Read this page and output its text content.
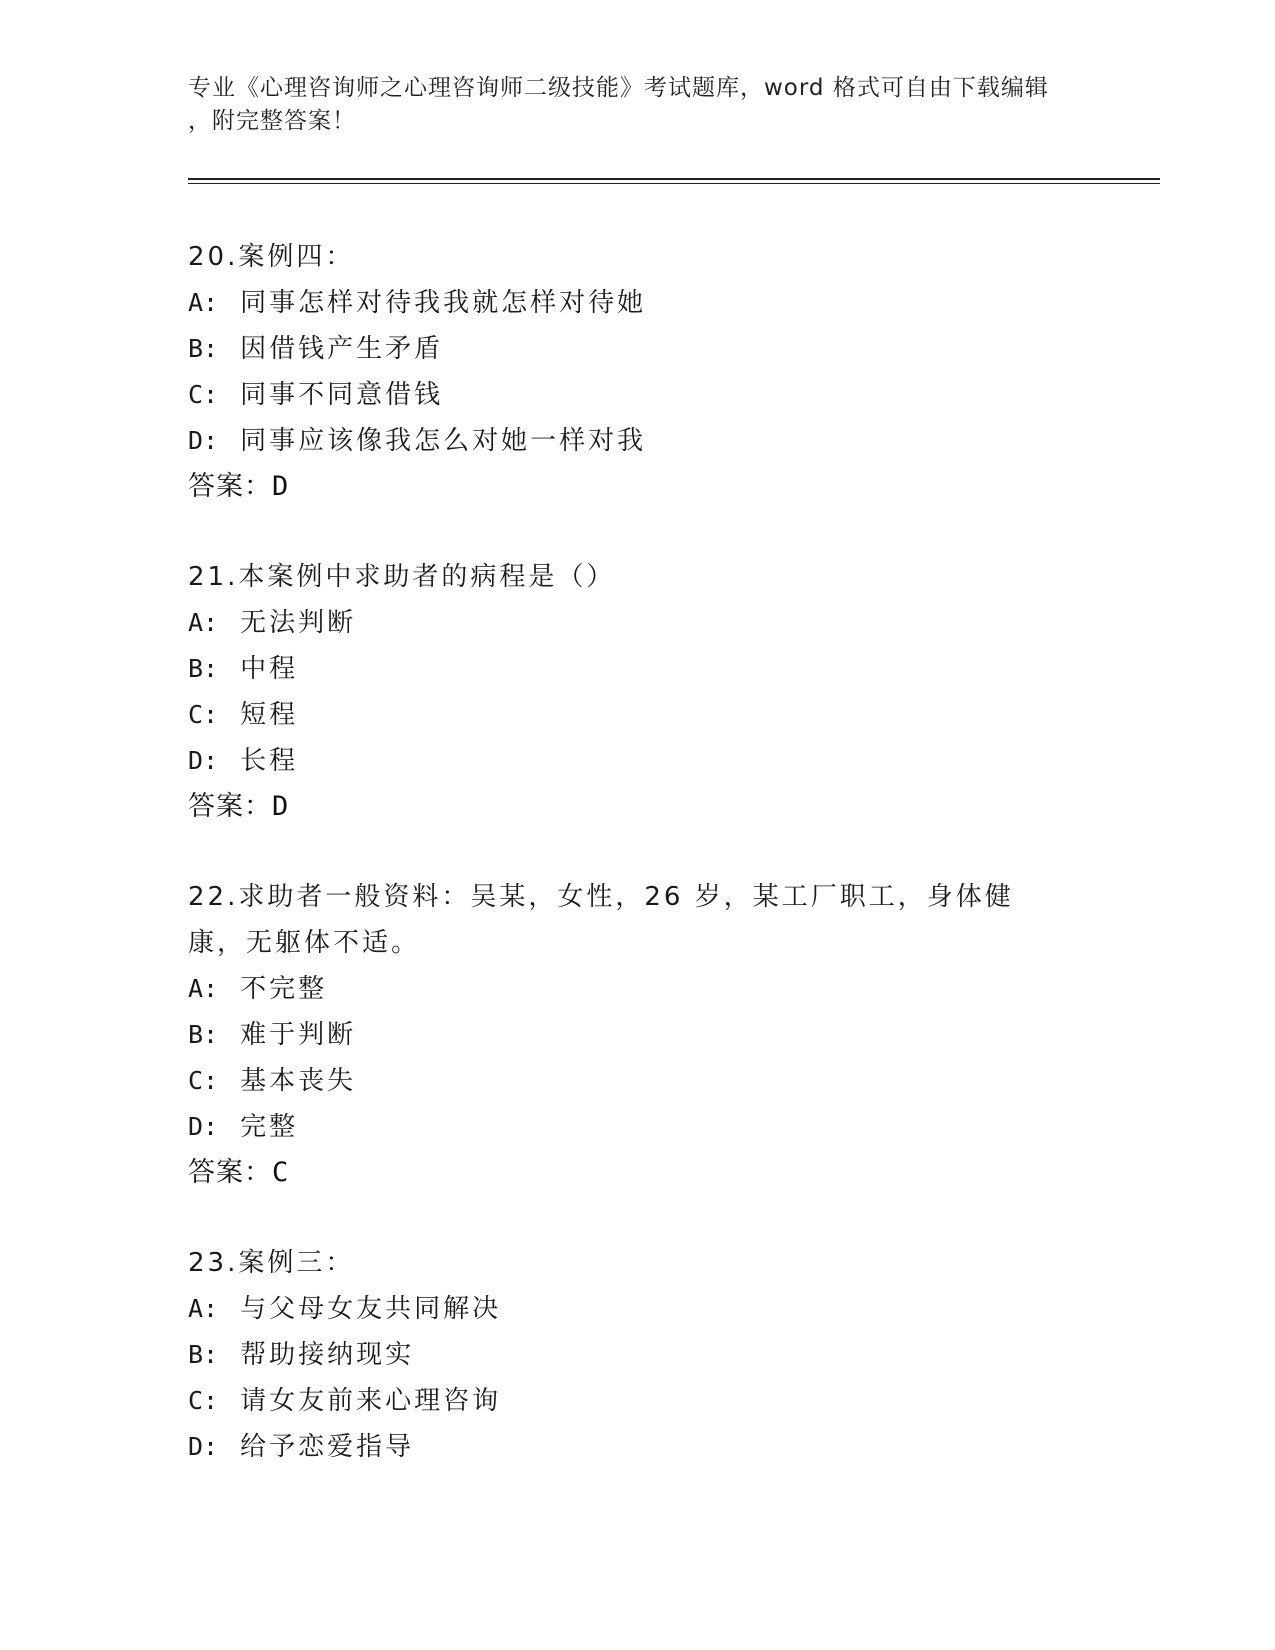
专业《心理咨询师之心理咨询师二级技能》考试题库，word 格式可自由下载编辑
，附完整答案！
20.案例四：
A: 同事怎样对待我我就怎样对待她
B: 因借钱产生矛盾
C: 同事不同意借钱
D: 同事应该像我怎么对她一样对我
答案：D
21.本案例中求助者的病程是（）
A: 无法判断
B: 中程
C: 短程
D: 长程
答案：D
22.求助者一般资料：吴某，女性，26 岁，某工厂职工，身体健康，无躯体不适。
A: 不完整
B: 难于判断
C: 基本丧失
D: 完整
答案：C
23.案例三：
A: 与父母女友共同解决
B: 帮助接纳现实
C: 请女友前来心理咨询
D: 给予恋爱指导
